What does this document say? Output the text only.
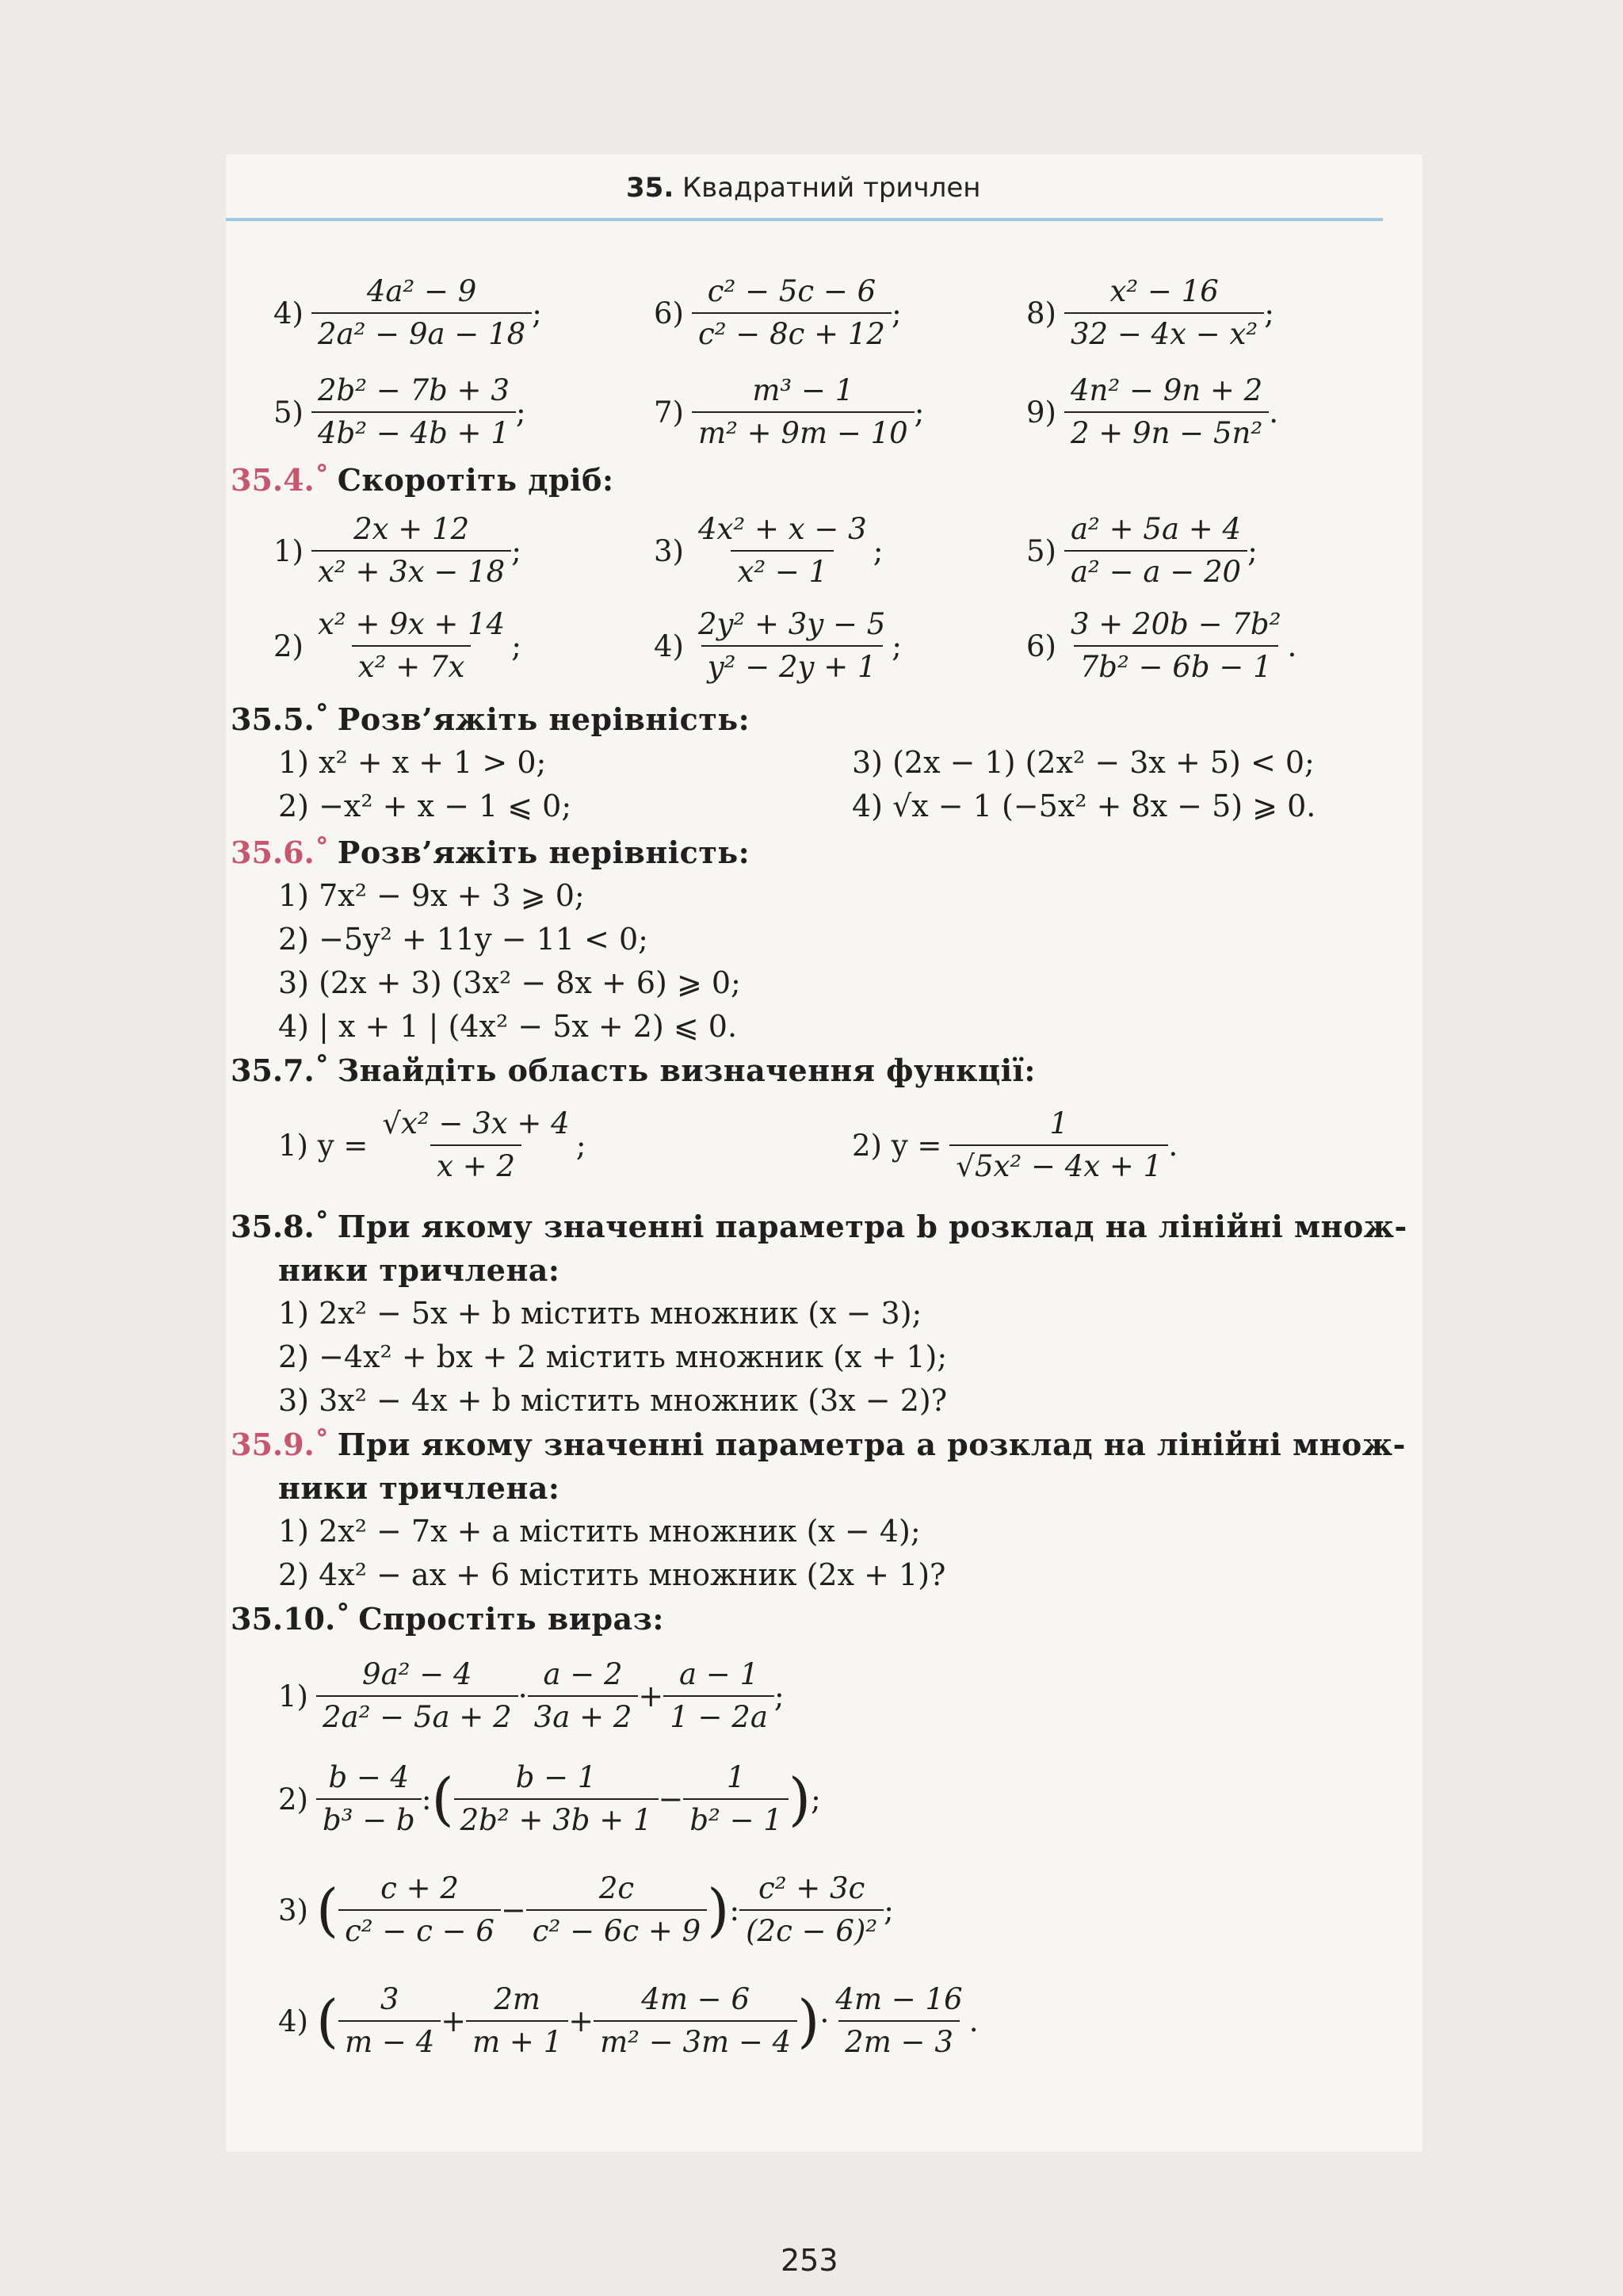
35. Квадратний тричлен
$4) \frac{\text{4a² − 9}}{\text{2a² − 9a − 18}}$ ;	$6) \frac{\text{c² − 5c − 6}}{\text{c² − 8c + 12}}$ ;	$8) \frac{\text{x² − 16}}{\text{32 − 4x − x²}}$ ;
$5) \frac{\text{2b² − 7b + 3}}{\text{4b² − 4b + 1}}$ ;	$7) \frac{\text{m³ − 1}}{\text{m² + 9m − 10}}$ ;	$9) \frac{\text{4n² − 9n + 2}}{\text{2 + 9n − 5n²}}$ .
35.4.˚ Скоротіть дріб:
$1) \frac{2x + 12}{\text{x² + 3x − 18}}$ ;	$3) \frac{\text{4x² + x − 3}}{\text{x² − 1}}$ ;	$5) \frac{\text{a² + 5a + 4}}{\text{a² − a − 20}}$ ;
$2) \frac{\text{x² + 9x + 14}}{\text{x² + 7x}}$ ;	$4) \frac{\text{2y² + 3y − 5}}{\text{y² − 2y + 1}}$ ;	$6) \frac{\text{3 + 20b − 7b²}}{\text{7b² − 6b − 1}}$ .
35.5.˚ Розв’яжіть нерівність:
1) x² + x + 1 > 0;	3) (2x − 1) (2x² − 3x + 5) < 0;
2) −x² + x − 1 ⩽ 0;	4) √x − 1 (−5x² + 8x − 5) ⩾ 0.
35.6.˚ Розв’яжіть нерівність:
1) 7x² − 9x + 3 ⩾ 0;
2) −5y² + 11y − 11 < 0;
3) (2x + 3) (3x² − 8x + 6) ⩾ 0;
4) | x + 1 | (4x² − 5x + 2) ⩽ 0.
35.7.˚ Знайдіть область визначення функції:
1) $y = \frac{\text{√x² − 3x + 4}}{x + 2}$ ;	2) $y = \frac{1}{\text{√5x² − 4x + 1}}$ .
35.8.˚ При якому значенні параметра b розклад на лінійні множ-
ники тричлена:
1) 2x² − 5x + b містить множник (x − 3);
2) −4x² + bx + 2 містить множник (x + 1);
3) 3x² − 4x + b містить множник (3x − 2)?
35.9.˚ При якому значенні параметра a розклад на лінійні множ-
ники тричлена:
1) 2x² − 7x + a містить множник (x − 4);
2) 4x² − ax + 6 містить множник (2x + 1)?
35.10.˚ Спростіть вираз:
$1) \frac{\text{9a² − 4}}{\text{2a² − 5a + 2}} \cdot \frac{a - 2}{3a + 2} + \frac{a - 1}{1 - 2a}$ ;
$2) \frac{b - 4}{\text{b³ − b}}$ : ( $\frac{b - 1}{\text{2b² + 3b + 1}} - \frac{1}{\text{b² − 1}}$ ) ;
3) ( $\frac{c + 2}{\text{c² − c − 6}} - \frac{2c}{\text{c² − 6c + 9}}$ ) : $\frac{\text{c² + 3c}}{\text{(2c − 6)²}}$ ;
4) ( $\frac{3}{m - 4} + \frac{2m}{m + 1} + \frac{4m - 6}{\text{m² − 3m − 4}}$ ) · $\frac{4m - 16}{2m - 3}$ .
253
